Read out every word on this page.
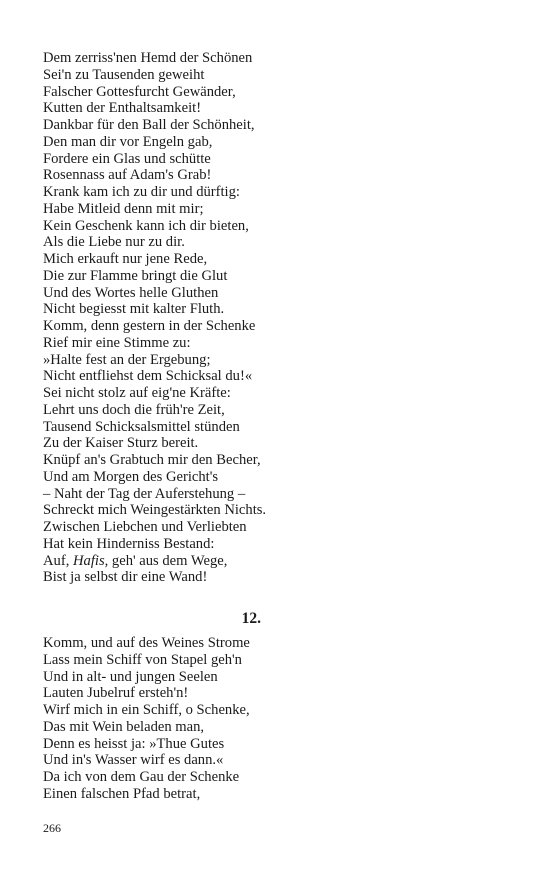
Dem zerriss'nen Hemd der Schönen
Sei'n zu Tausenden geweiht
Falscher Gottesfurcht Gewänder,
Kutten der Enthaltsamkeit!
Dankbar für den Ball der Schönheit,
Den man dir vor Engeln gab,
Fordere ein Glas und schütte
Rosennass auf Adam's Grab!
Krank kam ich zu dir und dürftig:
Habe Mitleid denn mit mir;
Kein Geschenk kann ich dir bieten,
Als die Liebe nur zu dir.
Mich erkauft nur jene Rede,
Die zur Flamme bringt die Glut
Und des Wortes helle Gluthen
Nicht begiesst mit kalter Fluth.
Komm, denn gestern in der Schenke
Rief mir eine Stimme zu:
»Halte fest an der Ergebung;
Nicht entfliehst dem Schicksal du!«
Sei nicht stolz auf eig'ne Kräfte:
Lehrt uns doch die früh're Zeit,
Tausend Schicksalsmittel stünden
Zu der Kaiser Sturz bereit.
Knüpf an's Grabtuch mir den Becher,
Und am Morgen des Gericht's
– Naht der Tag der Auferstehung –
Schreckt mich Weingestärkten Nichts.
Zwischen Liebchen und Verliebten
Hat kein Hinderniss Bestand:
Auf, Hafis, geh' aus dem Wege,
Bist ja selbst dir eine Wand!
12.
Komm, und auf des Weines Strome
Lass mein Schiff von Stapel geh'n
Und in alt- und jungen Seelen
Lauten Jubelruf ersteh'n!
Wirf mich in ein Schiff, o Schenke,
Das mit Wein beladen man,
Denn es heisst ja: »Thue Gutes
Und in's Wasser wirf es dann.«
Da ich von dem Gau der Schenke
Einen falschen Pfad betrat,
266
